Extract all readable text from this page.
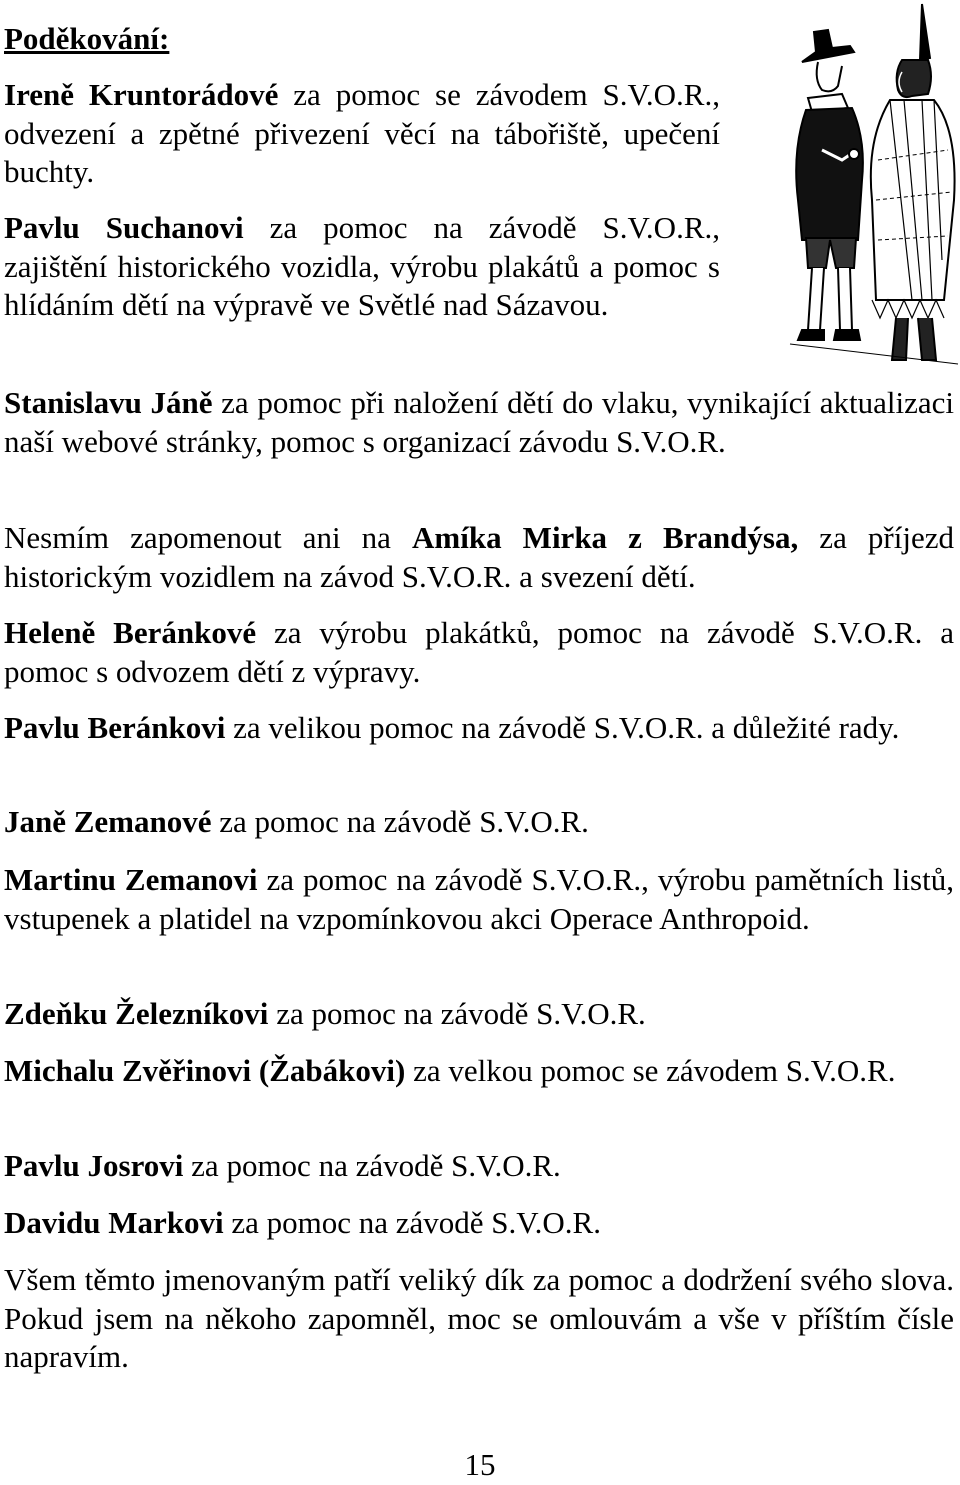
Poděkování:

Ireně Kruntorádové za pomoc se závodem S.V.O.R., odvezení a zpětné přivezení věcí na tábořiště, upečení buchty.

Pavlu Suchanovi za pomoc na závodě S.V.O.R., zajištění historického vozidla, výrobu plakátů a pomoc s hlídáním dětí na výpravě ve Světlé nad Sázavou.

Stanislavu Jáně za pomoc při naložení dětí do vlaku, vynikající aktualizaci naší webové stránky, pomoc s organizací závodu S.V.O.R.

Nesmím zapomenout ani na Amíka Mirka z Brandýsa, za příjezd historickým vozidlem na závod S.V.O.R. a svezení dětí.

Heleně Beránkové za výrobu plakátků, pomoc na závodě S.V.O.R. a pomoc s odvozem dětí z výpravy.

Pavlu Beránkovi za velikou pomoc na závodě S.V.O.R. a důležité rady.

Janě Zemanové za pomoc na závodě S.V.O.R.

Martinu Zemanovi za pomoc na závodě S.V.O.R., výrobu pamětních listů, vstupenek a platidel na vzpomínkovou akci Operace Anthropoid.

Zdeňku Železníkovi za pomoc na závodě S.V.O.R.

Michalu Zvěřinovi (Žabákovi) za velkou pomoc se závodem S.V.O.R.

Pavlu Josrovi za pomoc na závodě S.V.O.R.

Davidu Markovi za pomoc na závodě S.V.O.R.

Všem těmto jmenovaným patří veliký dík za pomoc a dodržení svého slova. Pokud jsem na někoho zapomněl, moc se omlouvám a vše v příštím čísle napravím.

15
